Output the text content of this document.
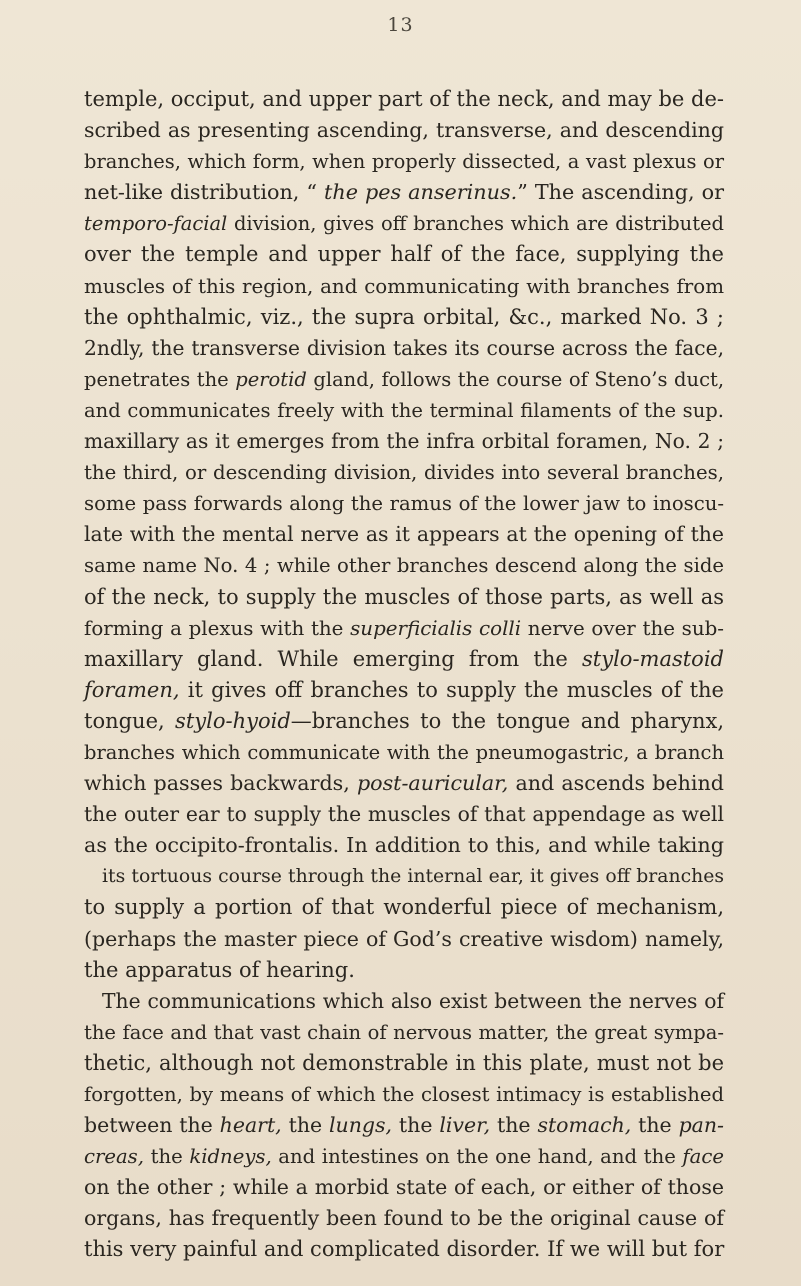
13
temple, occiput, and upper part of the neck, and may be de-
scribed as presenting ascending, transverse, and descending
branches, which form, when properly dissected, a vast plexus or
net-like distribution, “ the pes anserinus.” The ascending, or
temporo-facial division, gives off branches which are distributed
over the temple and upper half of the face, supplying the
muscles of this region, and communicating with branches from
the ophthalmic, viz., the supra orbital, &c., marked No. 3 ;
2ndly, the transverse division takes its course across the face,
penetrates the perotid gland, follows the course of Steno’s duct,
and communicates freely with the terminal filaments of the sup.
maxillary as it emerges from the infra orbital foramen, No. 2 ;
the third, or descending division, divides into several branches,
some pass forwards along the ramus of the lower jaw to inoscu-
late with the mental nerve as it appears at the opening of the
same name No. 4 ; while other branches descend along the side
of the neck, to supply the muscles of those parts, as well as
forming a plexus with the superficialis colli nerve over the sub-
maxillary gland. While emerging from the stylo-mastoid
foramen, it gives off branches to supply the muscles of the
tongue, stylo-hyoid—branches to the tongue and pharynx,
branches which communicate with the pneumogastric, a branch
which passes backwards, post-auricular, and ascends behind
the outer ear to supply the muscles of that appendage as well
as the occipito-frontalis. In addition to this, and while taking
its tortuous course through the internal ear, it gives off branches
to supply a portion of that wonderful piece of mechanism,
(perhaps the master piece of God’s creative wisdom) namely,
the apparatus of hearing.
The communications which also exist between the nerves of
the face and that vast chain of nervous matter, the great sympa-
thetic, although not demonstrable in this plate, must not be
forgotten, by means of which the closest intimacy is established
between the heart, the lungs, the liver, the stomach, the pan-
creas, the kidneys, and intestines on the one hand, and the face
on the other ; while a morbid state of each, or either of those
organs, has frequently been found to be the original cause of
this very painful and complicated disorder. If we will but for
